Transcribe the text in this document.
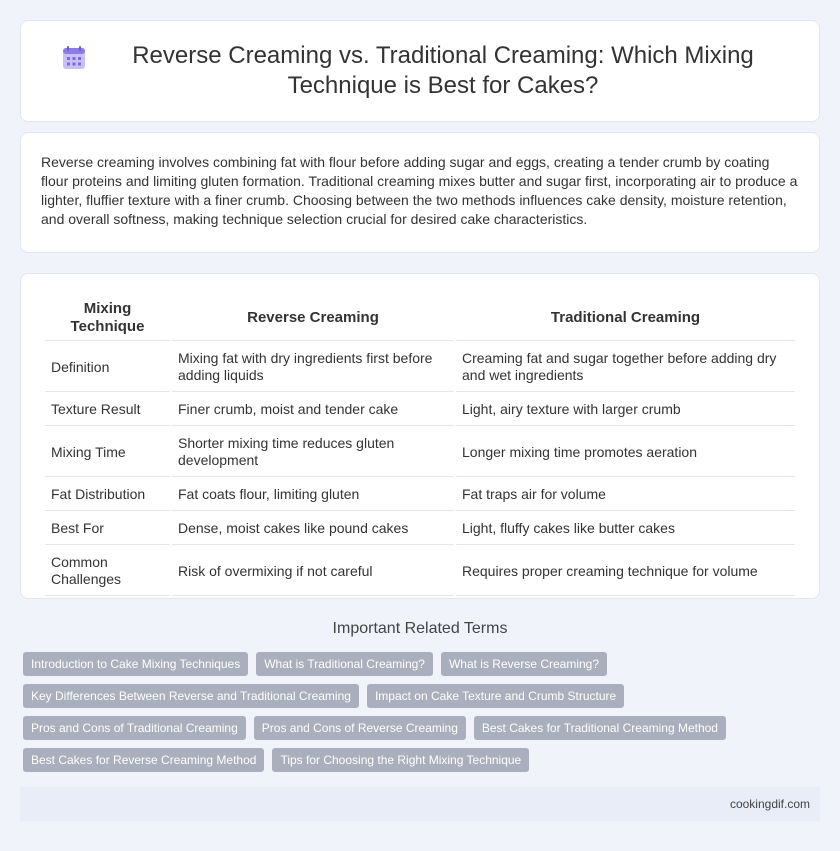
Reverse Creaming vs. Traditional Creaming: Which Mixing Technique is Best for Cakes?

Reverse creaming involves combining fat with flour before adding sugar and eggs, creating a tender crumb by coating flour proteins and limiting gluten formation. Traditional creaming mixes butter and sugar first, incorporating air to produce a lighter, fluffier texture with a finer crumb. Choosing between the two methods influences cake density, moisture retention, and overall softness, making technique selection crucial for desired cake characteristics.

Mixing Technique	Reverse Creaming	Traditional Creaming
Definition	Mixing fat with dry ingredients first before adding liquids	Creaming fat and sugar together before adding dry and wet ingredients
Texture Result	Finer crumb, moist and tender cake	Light, airy texture with larger crumb
Mixing Time	Shorter mixing time reduces gluten development	Longer mixing time promotes aeration
Fat Distribution	Fat coats flour, limiting gluten	Fat traps air for volume
Best For	Dense, moist cakes like pound cakes	Light, fluffy cakes like butter cakes
Common Challenges	Risk of overmixing if not careful	Requires proper creaming technique for volume
Important Related Terms
Introduction to Cake Mixing Techniques	What is Traditional Creaming?	What is Reverse Creaming?
Key Differences Between Reverse and Traditional Creaming	Impact on Cake Texture and Crumb Structure
Pros and Cons of Traditional Creaming	Pros and Cons of Reverse Creaming	Best Cakes for Traditional Creaming Method
Best Cakes for Reverse Creaming Method	Tips for Choosing the Right Mixing Technique
cookingdif.com
